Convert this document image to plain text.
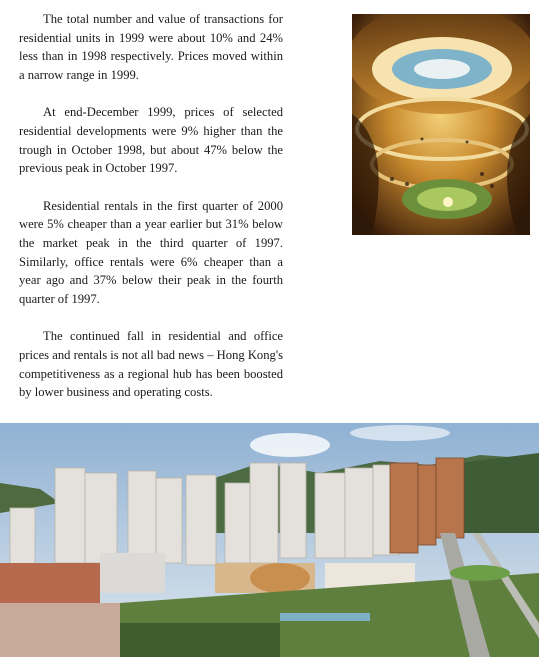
The total number and value of transactions for residential units in 1999 were about 10% and 24% less than in 1998 respectively. Prices moved within a narrow range in 1999.

At end-December 1999, prices of selected residential developments were 9% higher than the trough in October 1998, but about 47% below the previous peak in October 1997.

Residential rentals in the first quarter of 2000 were 5% cheaper than a year earlier but 31% below the market peak in the third quarter of 1997. Similarly, office rentals were 6% cheaper than a year ago and 37% below their peak in the fourth quarter of 1997.

The continued fall in residential and office prices and rentals is not all bad news – Hong Kong's competitiveness as a regional hub has been boosted by lower business and operating costs.
